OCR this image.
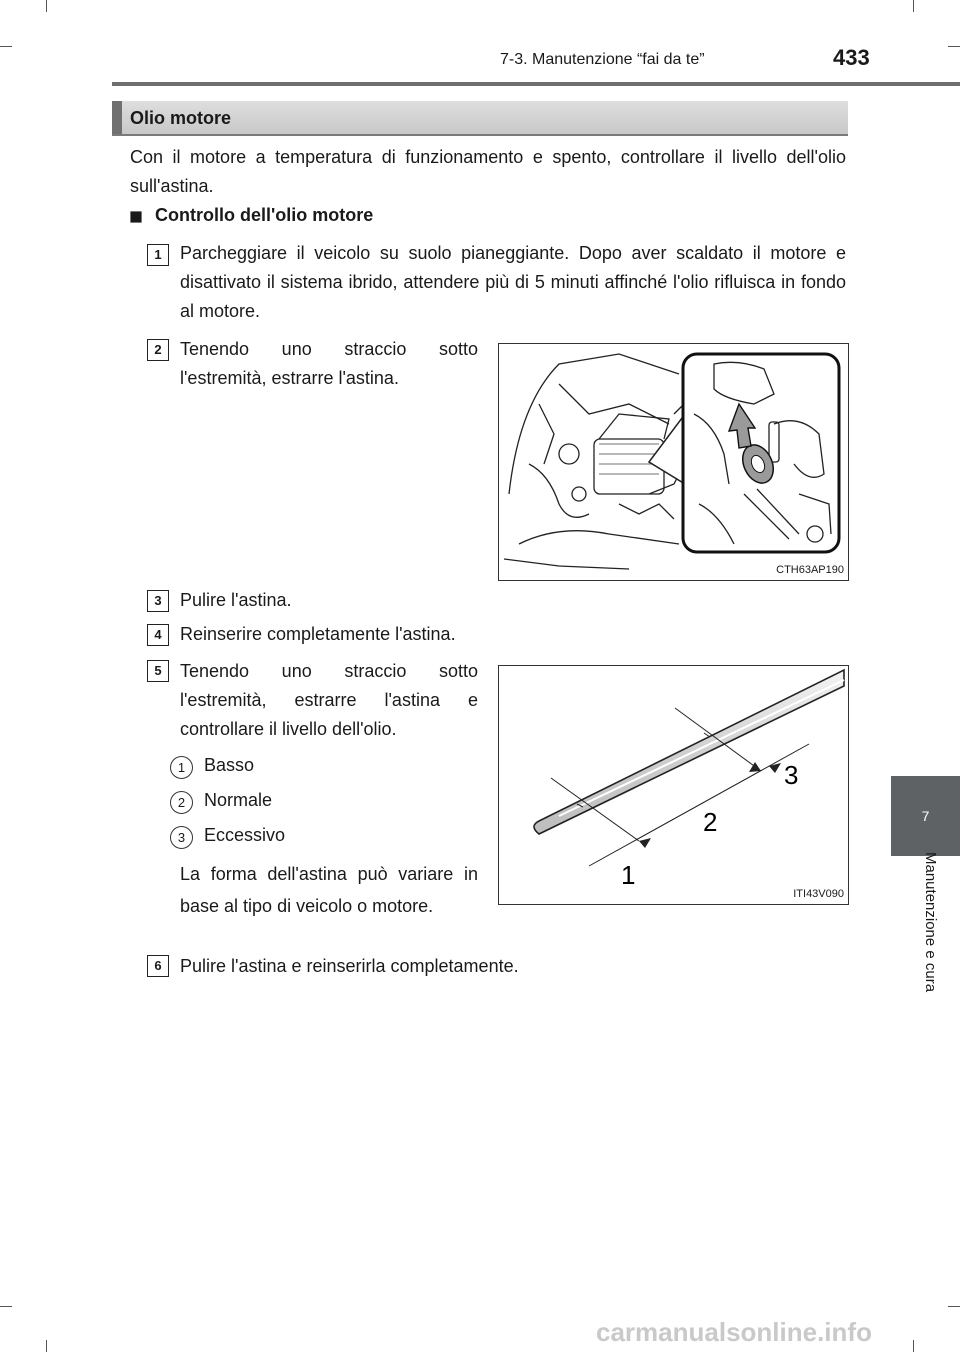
7-3. Manutenzione “fai da te”	433
7
Manutenzione e cura
Olio motore
Con il motore a temperatura di funzionamento e spento, controllare il livello dell'olio sull'astina.
Controllo dell'olio motore
1	Parcheggiare il veicolo su suolo pianeggiante. Dopo aver scaldato il motore e disattivato il sistema ibrido, attendere più di 5 minuti affinché l'olio rifluisca in fondo al motore.
2	Tenendo uno straccio sotto l'estremità, estrarre l'astina.
CTH63AP190
3	Pulire l'astina.
4	Reinserire completamente l'astina.
5	Tenendo uno straccio sotto l'estremità, estrarre l'astina e controllare il livello dell'olio.
1	Basso
2	Normale
3	Eccessivo
La forma dell'astina può variare in base al tipo di veicolo o motore.
1
2
3
ITI43V090
6	Pulire l'astina e reinserirla completamente.
carmanualsonline.info
